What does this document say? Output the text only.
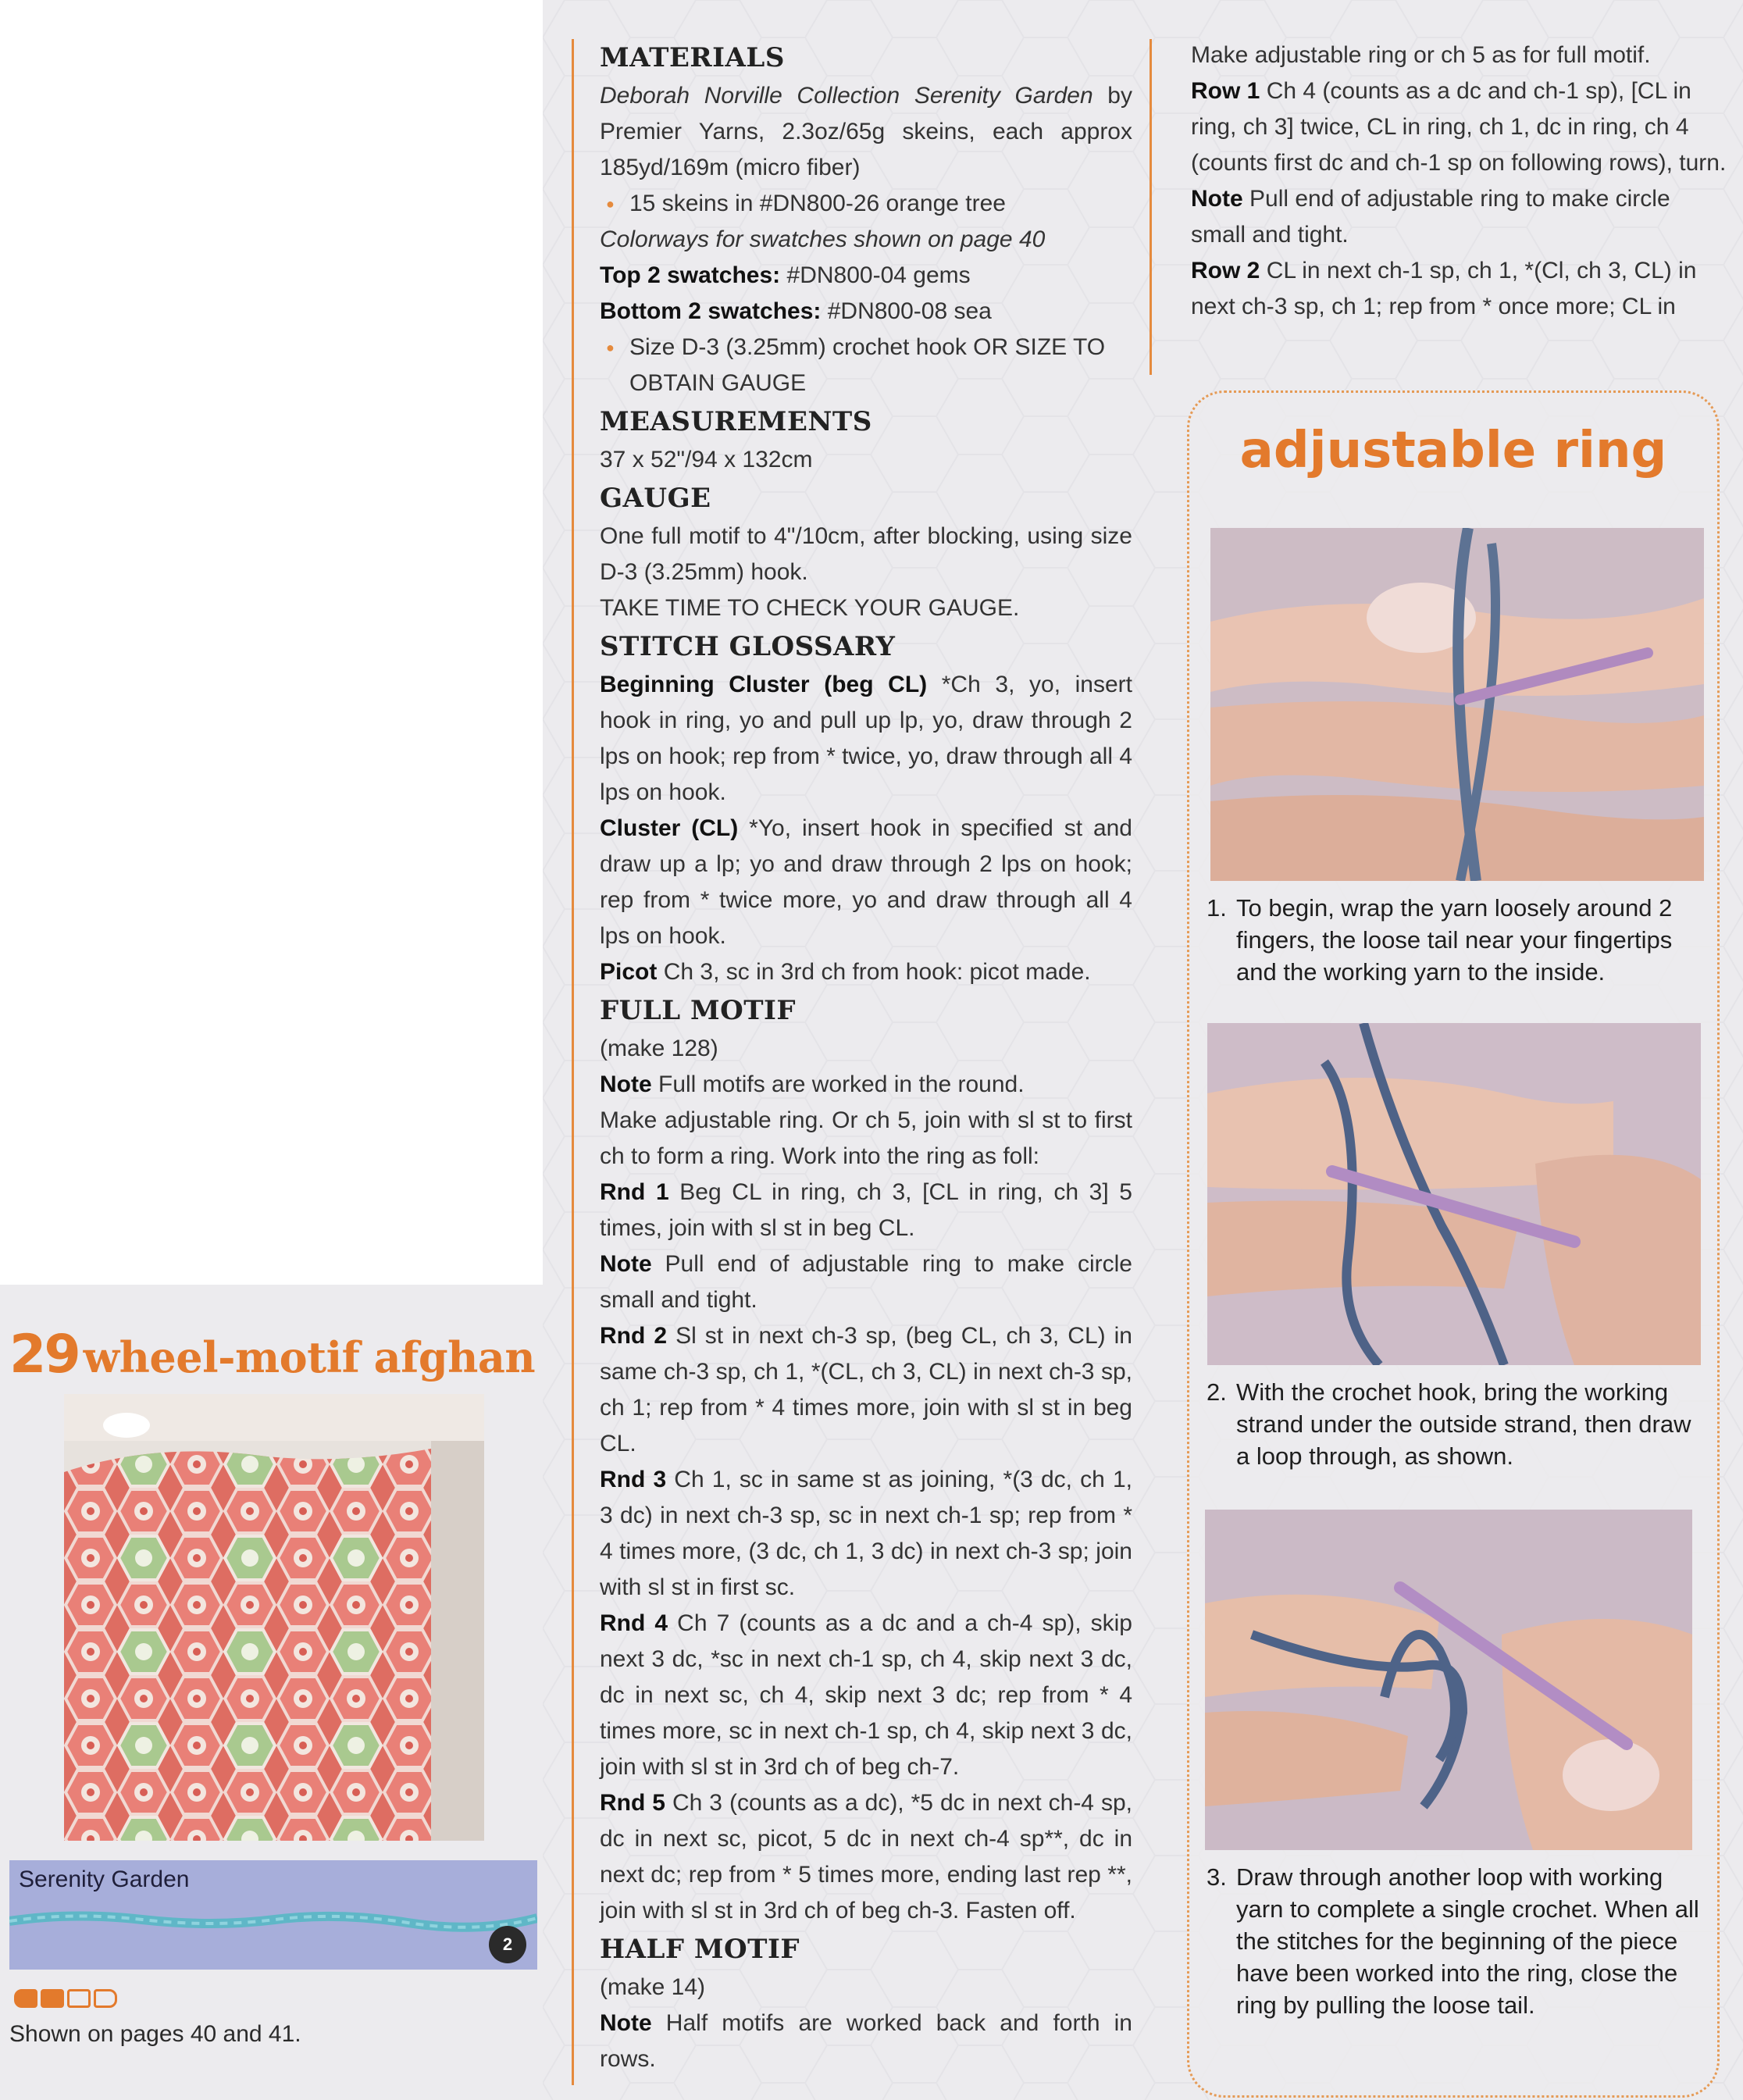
MATERIALS

Deborah Norville Collection Serenity Garden by Premier Yarns, 2.3oz/65g skeins, each approx 185yd/169m (micro fiber)

● 15 skeins in #DN800-26 orange tree

Colorways for swatches shown on page 40

Top 2 swatches: #DN800-04 gems

Bottom 2 swatches: #DN800-08 sea

● Size D-3 (3.25mm) crochet hook OR SIZE TO OBTAIN GAUGE

MEASUREMENTS

37 x 52"/94 x 132cm

GAUGE

One full motif to 4"/10cm, after blocking, using size D-3 (3.25mm) hook.

TAKE TIME TO CHECK YOUR GAUGE.

STITCH GLOSSARY

Beginning Cluster (beg CL) *Ch 3, yo, insert hook in ring, yo and pull up lp, yo, draw through 2 lps on hook; rep from * twice, yo, draw through all 4 lps on hook.

Cluster (CL) *Yo, insert hook in specified st and draw up a lp; yo and draw through 2 lps on hook; rep from * twice more, yo and draw through all 4 lps on hook.

Picot Ch 3, sc in 3rd ch from hook: picot made.

FULL MOTIF

(make 128)

Note Full motifs are worked in the round.

Make adjustable ring. Or ch 5, join with sl st to first ch to form a ring. Work into the ring as foll:

Rnd 1 Beg CL in ring, ch 3, [CL in ring, ch 3] 5 times, join with sl st in beg CL.

Note Pull end of adjustable ring to make circle small and tight.

Rnd 2 Sl st in next ch-3 sp, (beg CL, ch 3, CL) in same ch-3 sp, ch 1, *(CL, ch 3, CL) in next ch-3 sp, ch 1; rep from * 4 times more, join with sl st in beg CL.

Rnd 3 Ch 1, sc in same st as joining, *(3 dc, ch 1, 3 dc) in next ch-3 sp, sc in next ch-1 sp; rep from * 4 times more, (3 dc, ch 1, 3 dc) in next ch-3 sp; join with sl st in first sc.

Rnd 4 Ch 7 (counts as a dc and a ch-4 sp), skip next 3 dc, *sc in next ch-1 sp, ch 4, skip next 3 dc, dc in next sc, ch 4, skip next 3 dc; rep from * 4 times more, sc in next ch-1 sp, ch 4, skip next 3 dc, join with sl st in 3rd ch of beg ch-7.

Rnd 5 Ch 3 (counts as a dc), *5 dc in next ch-4 sp, dc in next sc, picot, 5 dc in next ch-4 sp**, dc in next dc; rep from * 5 times more, ending last rep **, join with sl st in 3rd ch of beg ch-3. Fasten off.

HALF MOTIF

(make 14)

Note Half motifs are worked back and forth in rows.

Make adjustable ring or ch 5 as for full motif.

Row 1 Ch 4 (counts as a dc and ch-1 sp), [CL in ring, ch 3] twice, CL in ring, ch 1, dc in ring, ch 4 (counts first dc and ch-1 sp on following rows), turn.

Note Pull end of adjustable ring to make circle small and tight.

Row 2 CL in next ch-1 sp, ch 1, *(Cl, ch 3, CL) in next ch-3 sp, ch 1; rep from * once more; CL in

adjustable ring

1. To begin, wrap the yarn loosely around 2 fingers, the loose tail near your fingertips and the working yarn to the inside.

2. With the crochet hook, bring the working strand under the outside strand, then draw a loop through, as shown.

3. Draw through another loop with working yarn to complete a single crochet. When all the stitches for the beginning of the piece have been worked into the ring, close the ring by pulling the loose tail.

29 wheel-motif afghan
Serenity Garden
2

Shown on pages 40 and 41.
